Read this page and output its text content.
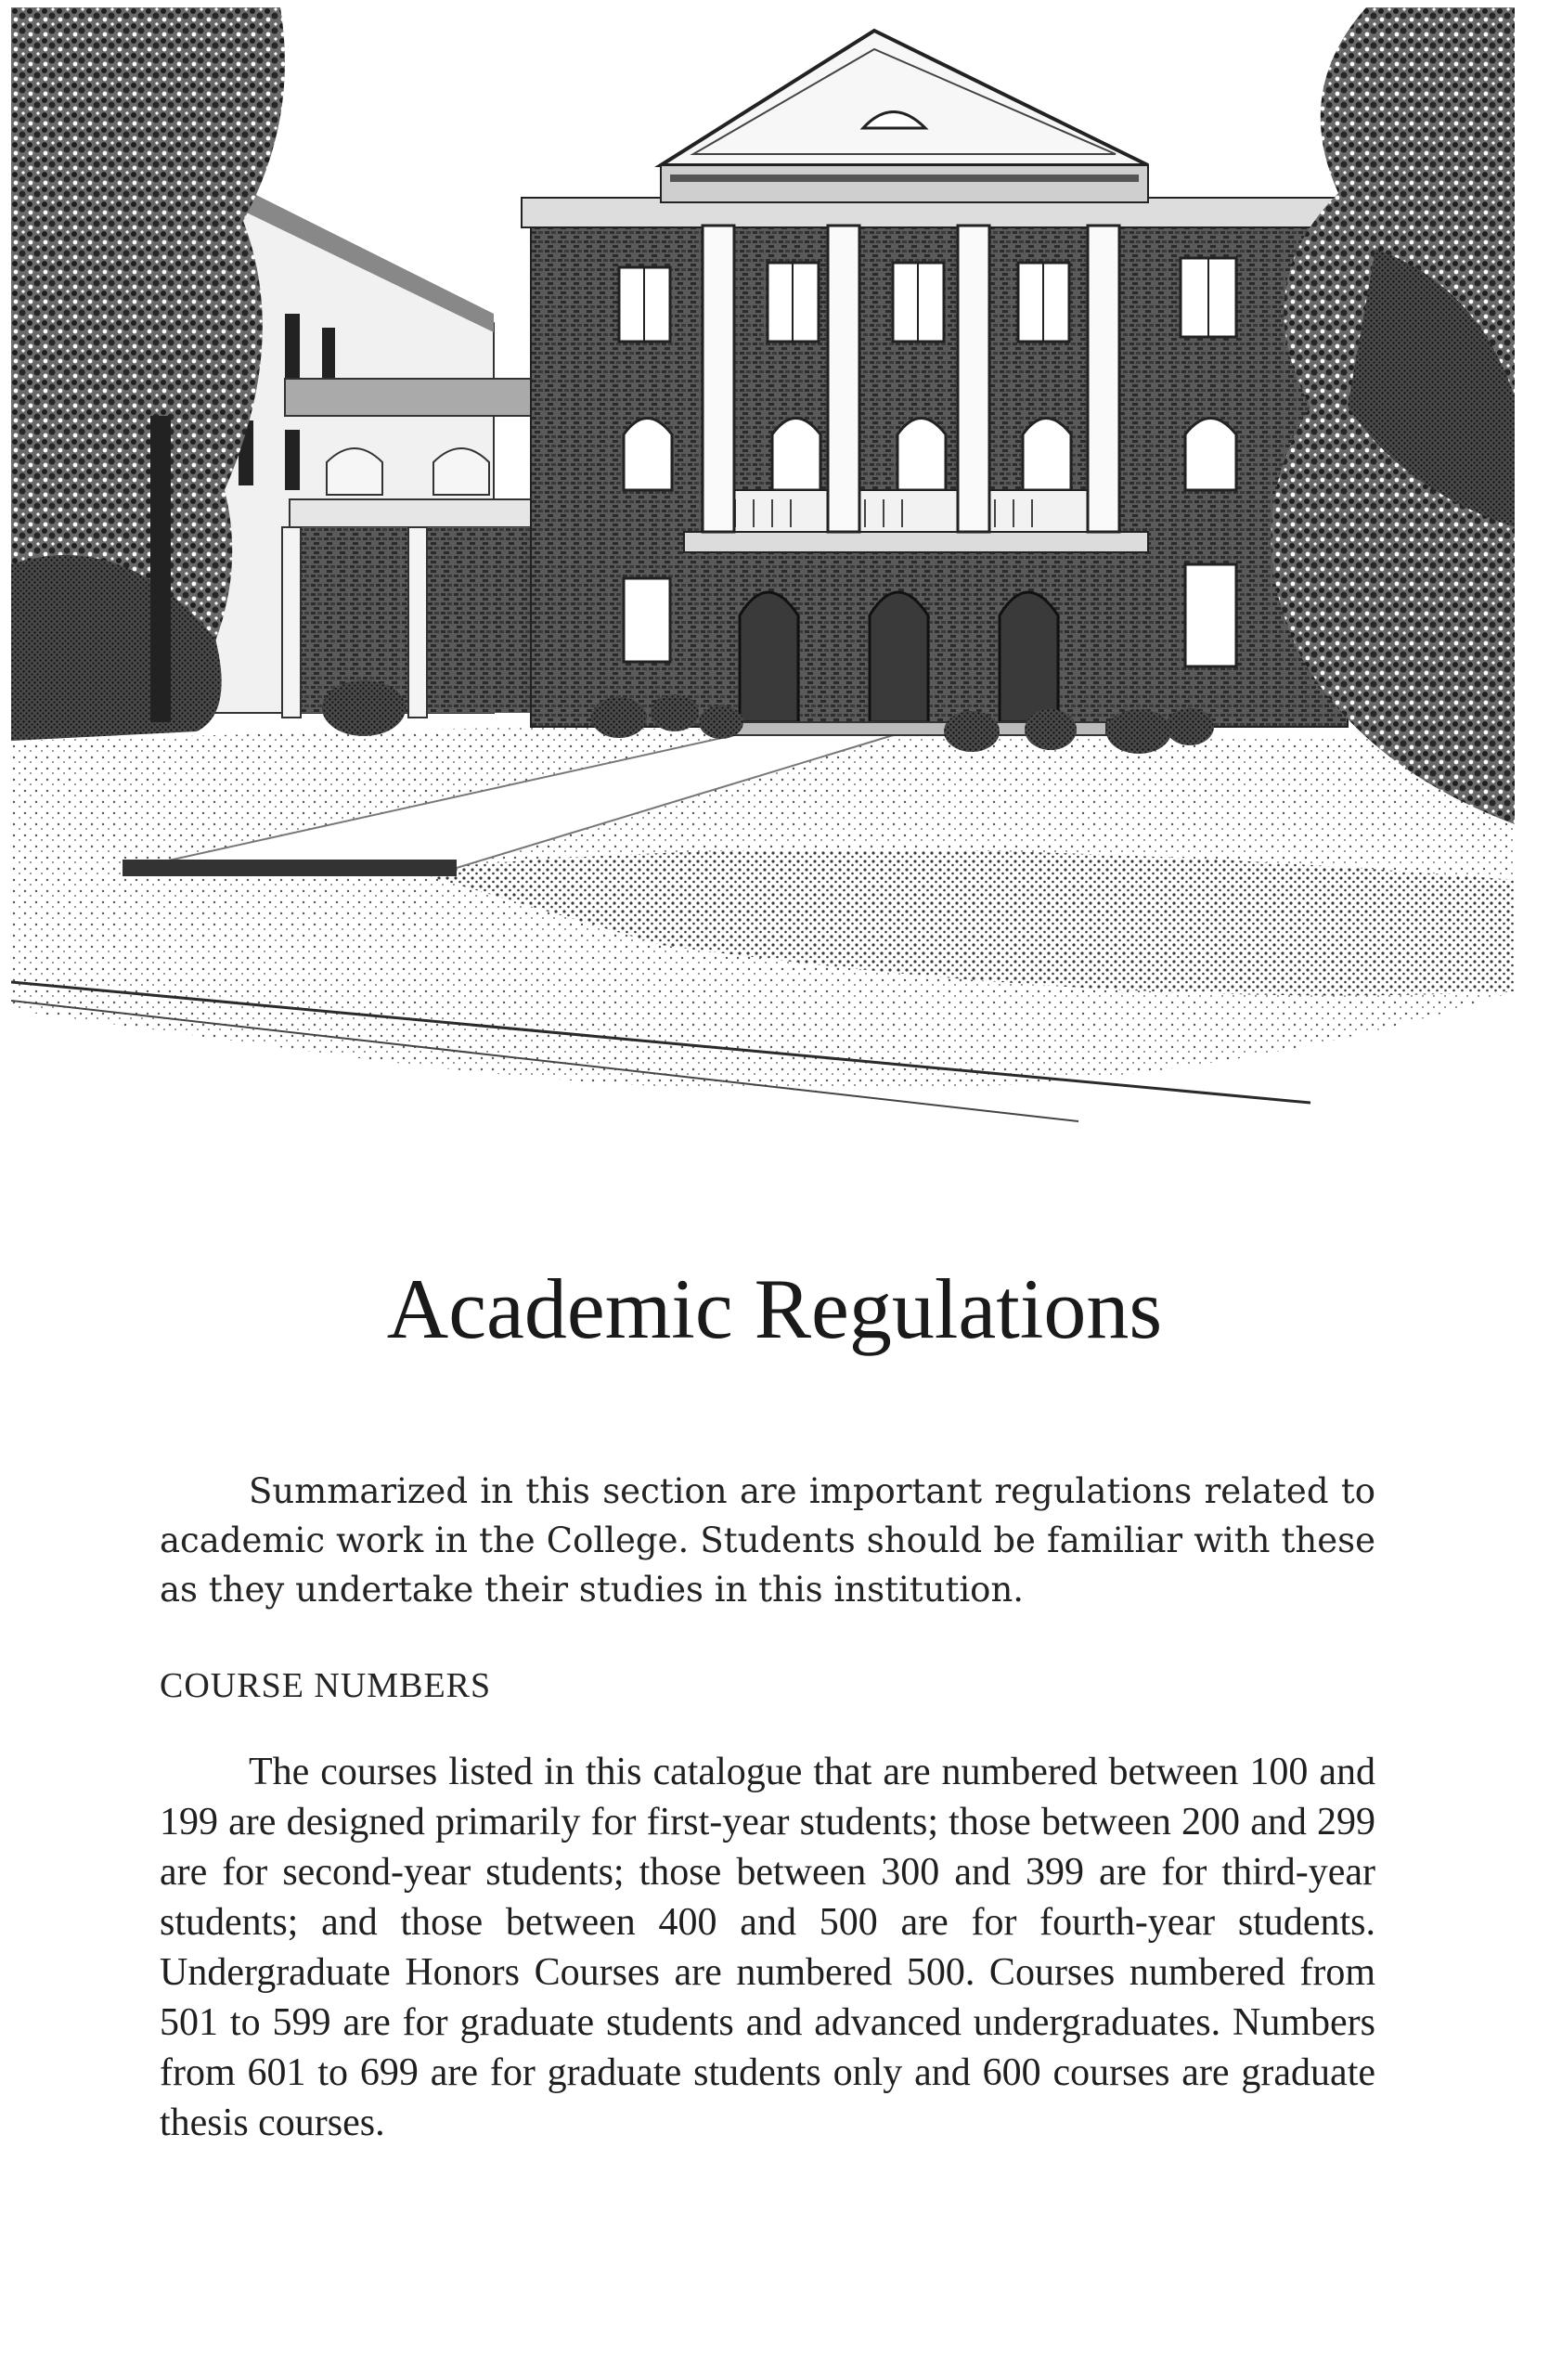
Academic Regulations

Summarized in this section are important regulations related to academic work in the College. Students should be familiar with these as they undertake their studies in this institution.

COURSE NUMBERS

The courses listed in this catalogue that are numbered between 100 and 199 are designed primarily for first-year students; those between 200 and 299 are for second-year students; those between 300 and 399 are for third-year students; and those between 400 and 500 are for fourth-year students. Undergraduate Honors Courses are numbered 500. Courses numbered from 501 to 599 are for graduate students and advanced undergraduates. Numbers from 601 to 699 are for graduate students only and 600 courses are graduate thesis courses.
